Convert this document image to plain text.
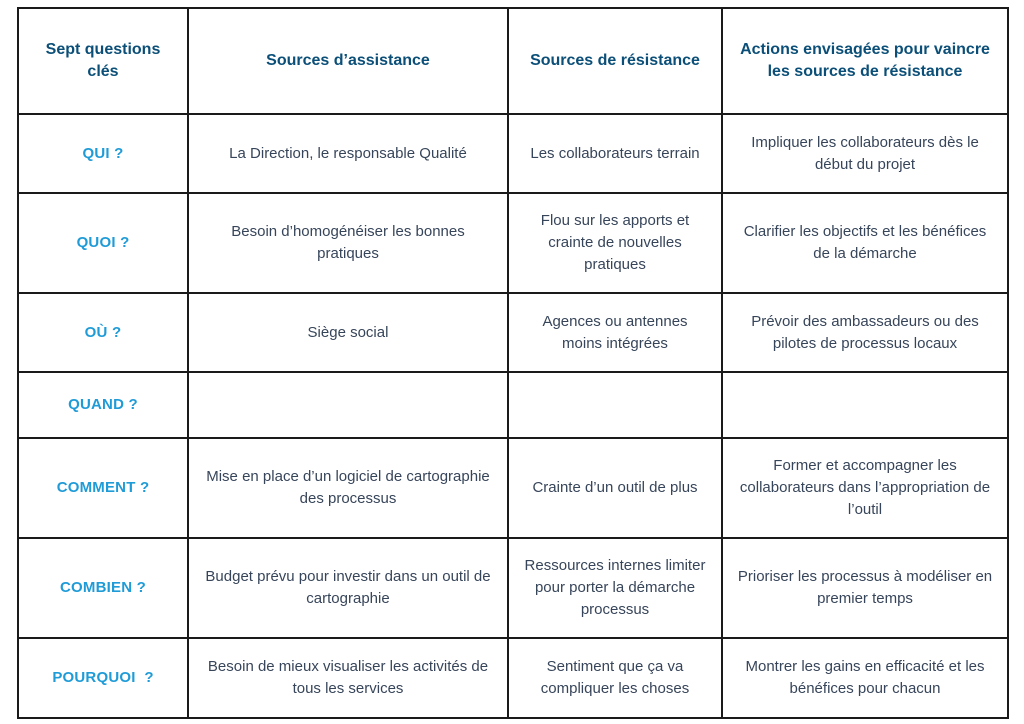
Sept questions clés	Sources d’assistance	Sources de résistance	Actions envisagées pour vaincre les sources de résistance
QUI ?	La Direction, le responsable Qualité	Les collaborateurs terrain	Impliquer les collaborateurs dès le début du projet
QUOI ?	Besoin d’homogénéiser les bonnes pratiques	Flou sur les apports et crainte de nouvelles pratiques	Clarifier les objectifs et les bénéfices de la démarche
OÙ ?	Siège social	Agences ou antennes moins intégrées	Prévoir des ambassadeurs ou des pilotes de processus locaux
QUAND ?			
COMMENT ?	Mise en place d’un logiciel de cartographie des processus	Crainte d’un outil de plus	Former et accompagner les collaborateurs dans l’appropriation de l’outil
COMBIEN ?	Budget prévu pour investir dans un outil de cartographie	Ressources internes limiter pour porter la démarche processus	Prioriser les processus à modéliser en premier temps
POURQUOI  ?	Besoin de mieux visualiser les activités de tous les services	Sentiment que ça va compliquer les choses	Montrer les gains en efficacité et les bénéfices pour chacun
